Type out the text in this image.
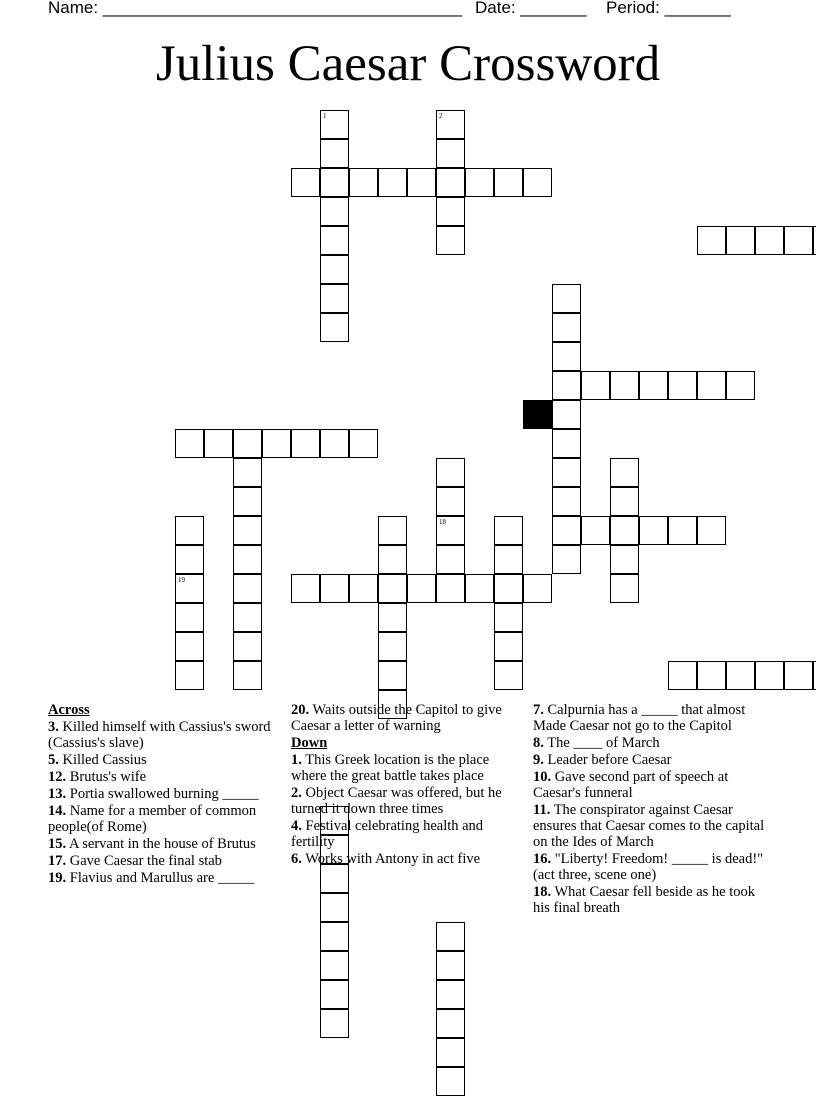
Name: ______________________________________ Date: _______ Period: _______
Julius Caesar Crossword
1	2
18
19
Across
3. Killed himself with Cassius's sword (Cassius's slave)
5. Killed Cassius
12. Brutus's wife
13. Portia swallowed burning _____
14. Name for a member of common people(of Rome)
15. A servant in the house of Brutus
17. Gave Caesar the final stab
19. Flavius and Marullus are _____
20. Waits outside the Capitol to give Caesar a letter of warning
Down
1. This Greek location is the place where the great battle takes place
2. Object Caesar was offered, but he turned it down three times
4. Festival celebrating health and fertility
6. Works with Antony in act five
7. Calpurnia has a _____ that almost Made Caesar not go to the Capitol
8. The ____ of March
9. Leader before Caesar
10. Gave second part of speech at Caesar's funneral
11. The conspirator against Caesar ensures that Caesar comes to the capital on the Ides of March
16. "Liberty! Freedom! _____ is dead!"(act three, scene one)
18. What Caesar fell beside as he took his final breath
